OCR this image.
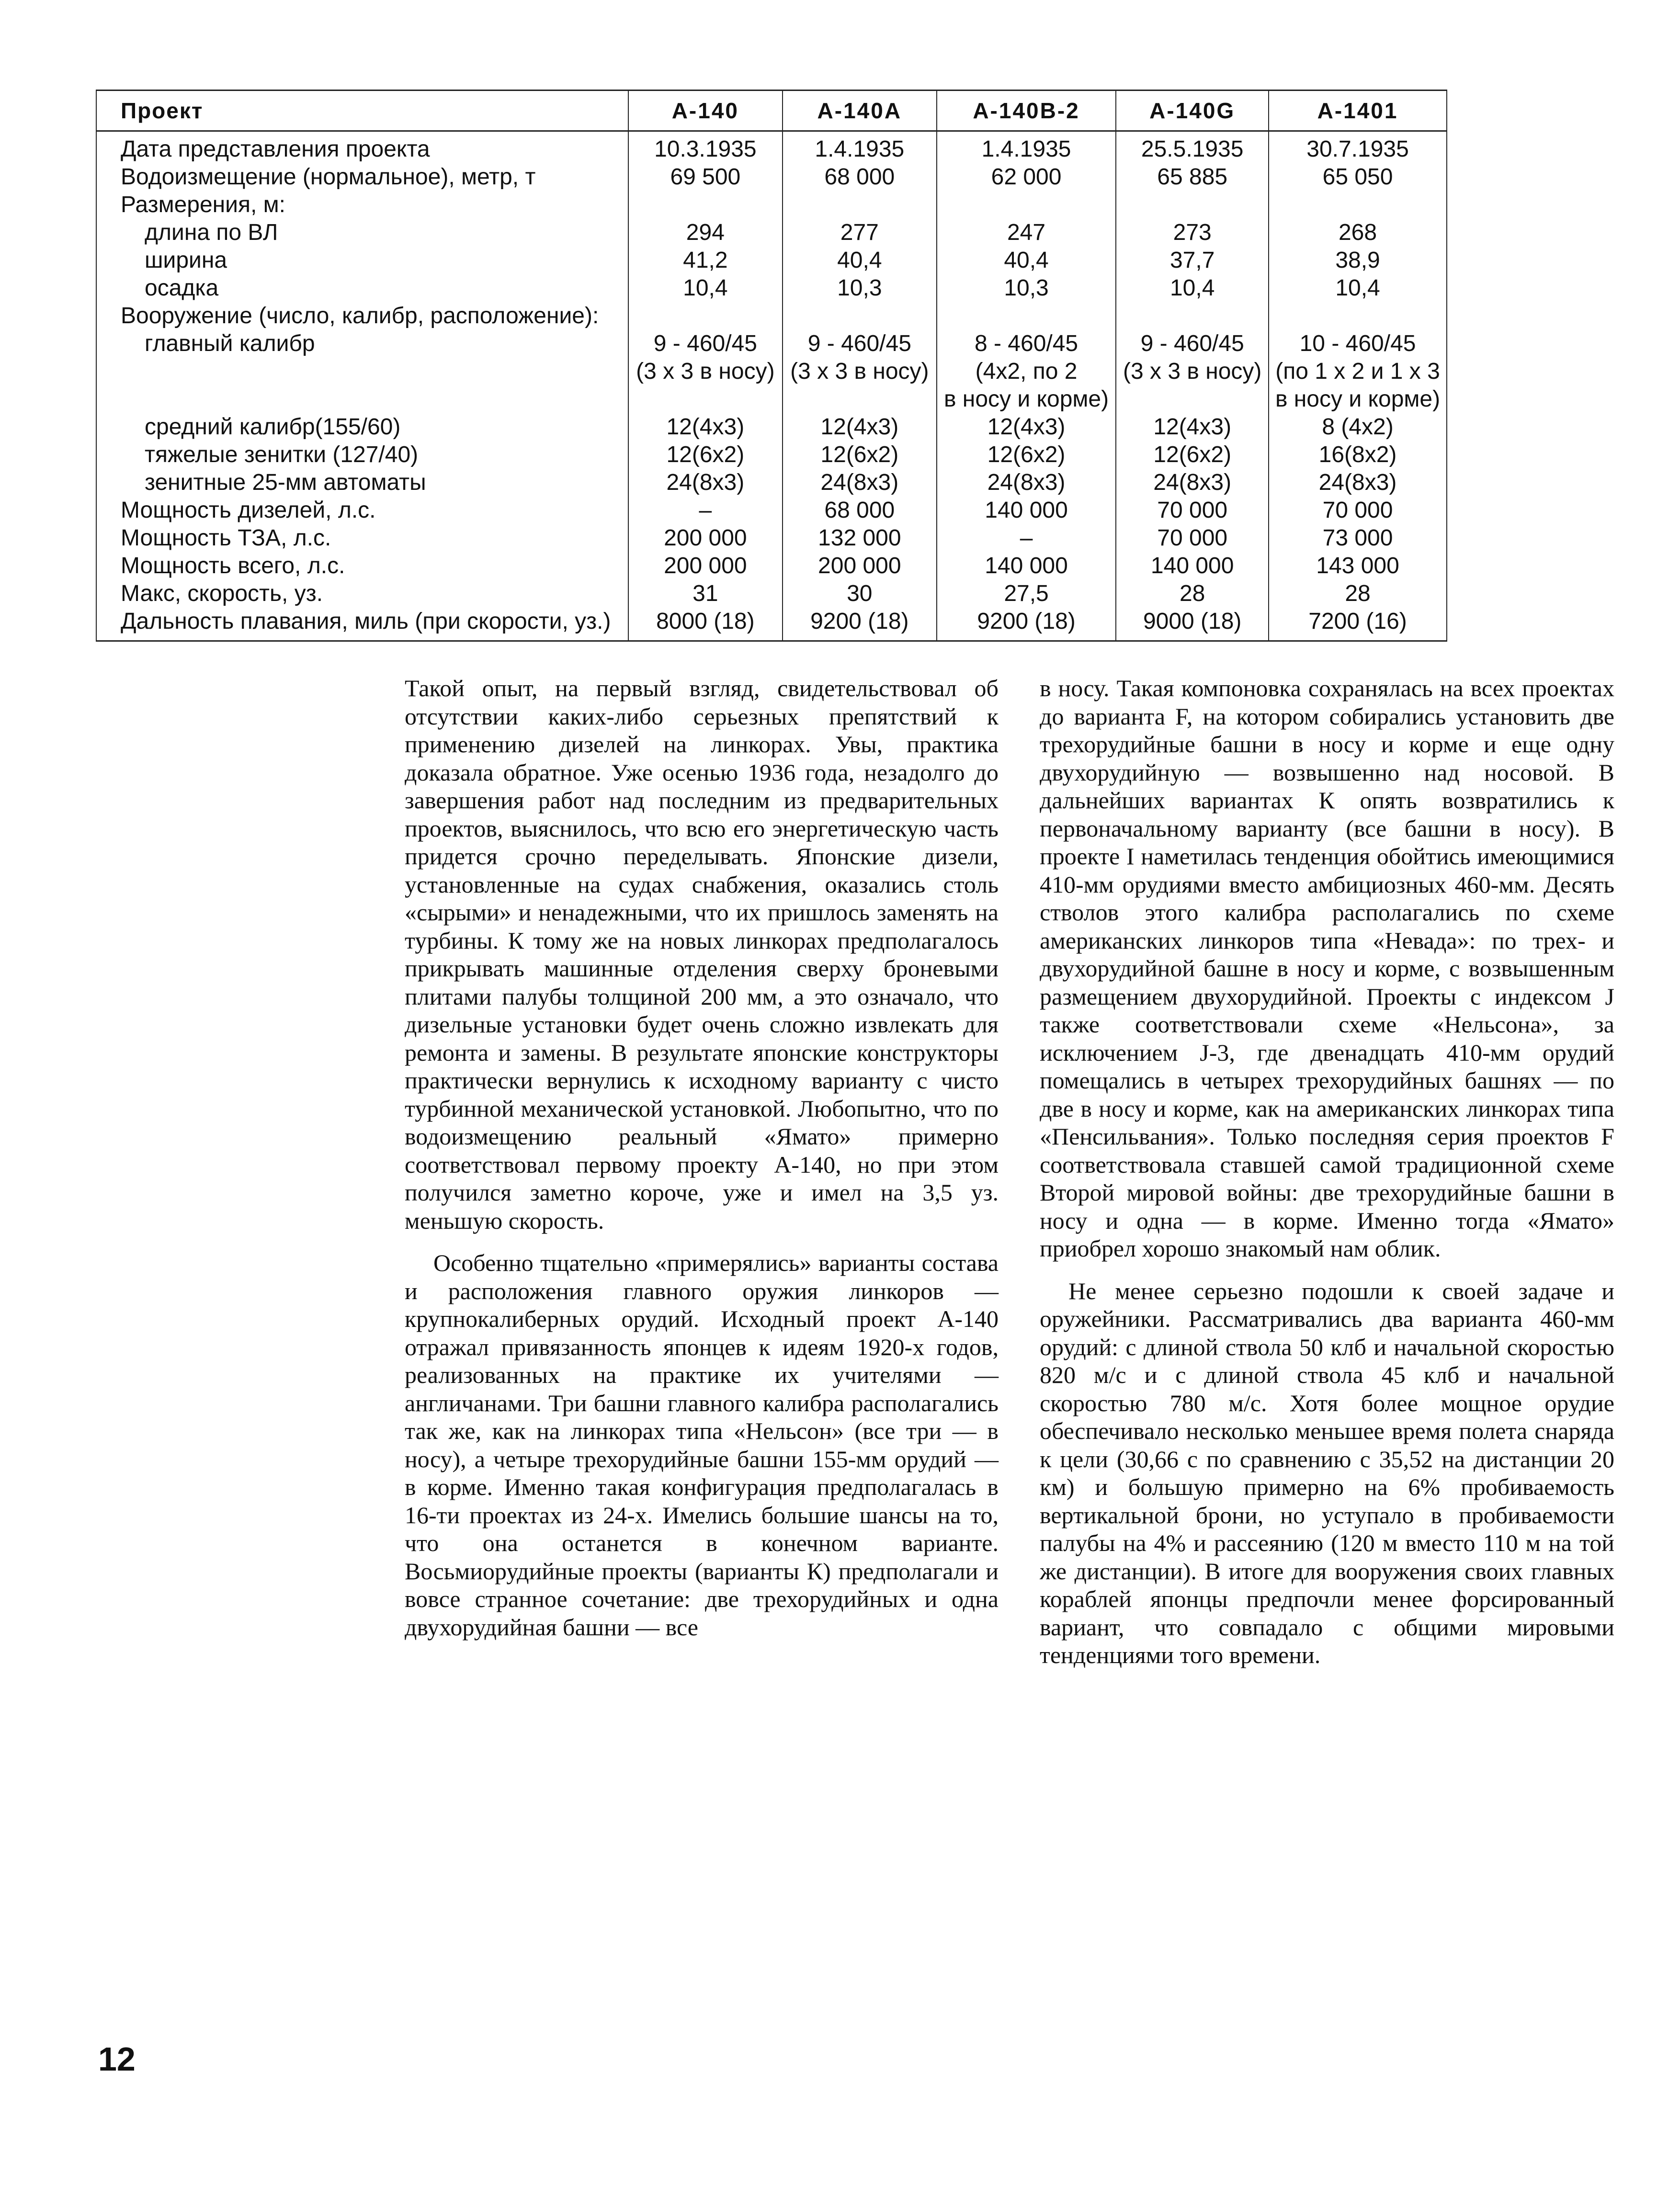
Проект	А-140	А-140А	А-140В-2	А-140G	А-1401
Дата представления проекта	10.3.1935	1.4.1935	1.4.1935	25.5.1935	30.7.1935
Водоизмещение (нормальное), метр, т	69 500	68 000	62 000	65 885	65 050
Размерения, м:					
длина по ВЛ	294	277	247	273	268
ширина	41,2	40,4	40,4	37,7	38,9
осадка	10,4	10,3	10,3	10,4	10,4
Вооружение (число, калибр, расположение):					
главный калибр	9 - 460/45	9 - 460/45	8 - 460/45	9 - 460/45	10 - 460/45
	(3 х 3 в носу)	(3 х 3 в носу)	(4х2, по 2	(3 х 3 в носу)	(по 1 х 2 и 1 х 3
			в носу и корме)		в носу и корме)
средний калибр(155/60)	12(4х3)	12(4х3)	12(4х3)	12(4х3)	8 (4х2)
тяжелые зенитки (127/40)	12(6х2)	12(6х2)	12(6х2)	12(6х2)	16(8х2)
зенитные 25-мм автоматы	24(8х3)	24(8х3)	24(8х3)	24(8х3)	24(8х3)
Мощность дизелей, л.с.	–	68 000	140 000	70 000	70 000
Мощность ТЗА, л.с.	200 000	132 000	–	70 000	73 000
Мощность всего, л.с.	200 000	200 000	140 000	140 000	143 000
Макс, скорость, уз.	31	30	27,5	28	28
Дальность плавания, миль (при скорости, уз.)	8000 (18)	9200 (18)	9200 (18)	9000 (18)	7200 (16)

Такой опыт, на первый взгляд, свидетельствовал об отсутствии каких-либо серьезных препятствий к применению дизелей на линкорах. Увы, практика доказала обратное. Уже осенью 1936 года, незадолго до завершения работ над последним из предварительных проектов, выяснилось, что всю его энергетическую часть придется срочно переделывать. Японские дизели, установленные на судах снабжения, оказались столь «сырыми» и ненадежными, что их пришлось заменять на турбины. К тому же на новых линкорах предполагалось прикрывать машинные отделения сверху броневыми плитами палубы толщиной 200 мм, а это означало, что дизельные установки будет очень сложно извлекать для ремонта и замены. В результате японские конструкторы практически вернулись к исходному варианту с чисто турбинной механической установкой. Любопытно, что по водоизмещению реальный «Ямато» примерно соответствовал первому проекту А-140, но при этом получился заметно короче, уже и имел на 3,5 уз. меньшую скорость.

Особенно тщательно «примерялись» варианты состава и расположения главного оружия линкоров — крупнокалиберных орудий. Исходный проект А-140 отражал привязанность японцев к идеям 1920-х годов, реализованных на практике их учителями — англичанами. Три башни главного калибра располагались так же, как на линкорах типа «Нельсон» (все три — в носу), а четыре трехорудийные башни 155-мм орудий — в корме. Именно такая конфигурация предполагалась в 16-ти проектах из 24-х. Имелись большие шансы на то, что она останется в конечном варианте. Восьмиорудийные проекты (варианты К) предполагали и вовсе странное сочетание: две трехорудийных и одна двухорудийная башни — все

в носу. Такая компоновка сохранялась на всех проектах до варианта F, на котором собирались установить две трехорудийные башни в носу и корме и еще одну двухорудийную — возвышенно над носовой. В дальнейших вариантах К опять возвратились к первоначальному варианту (все башни в носу). В проекте I наметилась тенденция обойтись имеющимися 410-мм орудиями вместо амбициозных 460-мм. Десять стволов этого калибра располагались по схеме американских линкоров типа «Невада»: по трех- и двухорудийной башне в носу и корме, с возвышенным размещением двухорудийной. Проекты с индексом J также соответствовали схеме «Нельсона», за исключением J-3, где двенадцать 410-мм орудий помещались в четырех трехорудийных башнях — по две в носу и корме, как на американских линкорах типа «Пенсильвания». Только последняя серия проектов F соответствовала ставшей самой традиционной схеме Второй мировой войны: две трехорудийные башни в носу и одна — в корме. Именно тогда «Ямато» приобрел хорошо знакомый нам облик.

Не менее серьезно подошли к своей задаче и оружейники. Рассматривались два варианта 460-мм орудий: с длиной ствола 50 клб и начальной скоростью 820 м/с и с длиной ствола 45 клб и начальной скоростью 780 м/с. Хотя более мощное орудие обеспечивало несколько меньшее время полета снаряда к цели (30,66 с по сравнению с 35,52 на дистанции 20 км) и большую примерно на 6% пробиваемость вертикальной брони, но уступало в пробиваемости палубы на 4% и рассеянию (120 м вместо 110 м на той же дистанции). В итоге для вооружения своих главных кораблей японцы предпочли менее форсированный вариант, что совпадало с общими мировыми тенденциями того времени.

12
